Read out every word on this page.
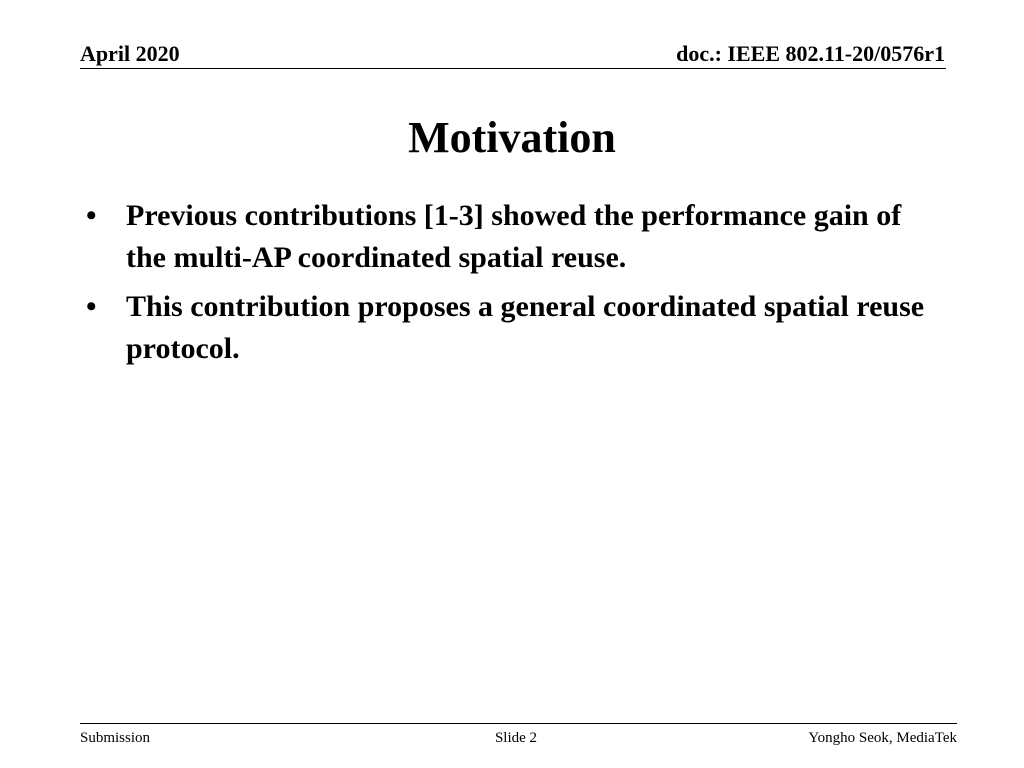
April 2020	doc.: IEEE 802.11-20/0576r1
Motivation
• Previous contributions [1-3] showed the performance gain of the multi-AP coordinated spatial reuse.
• This contribution proposes a general coordinated spatial reuse protocol.
Submission	Slide 2	Yongho Seok, MediaTek
